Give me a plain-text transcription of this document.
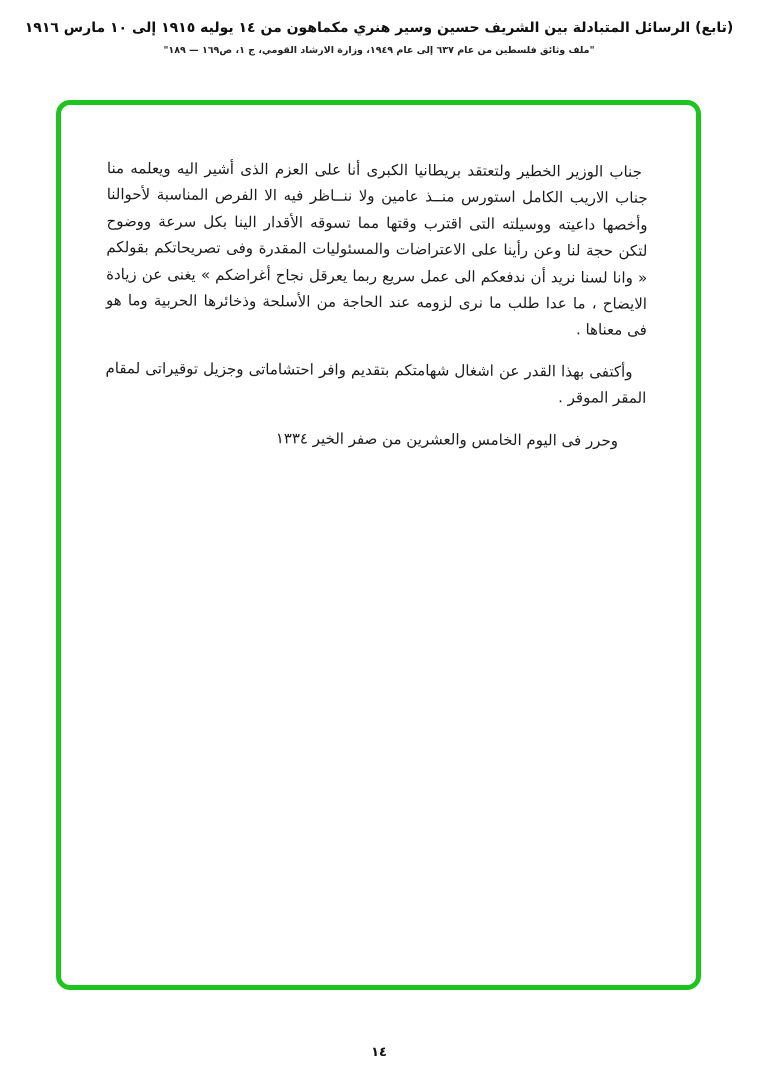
(تابع) الرسائل المتبادلة بين الشريف حسين وسير هنري مكماهون من ١٤ يوليه ١٩١٥ إلى ١٠ مارس ١٩١٦
"ملف وثائق فلسطين من عام ٦٣٧ إلى عام ١٩٤٩، وزارة الارشاد القومي، ج ١، ص١٦٩ — ١٨٩"

جناب الوزير الخطير ولتعتقد بريطانيا الكبرى أنا على العزم الذى أشير اليه ويعلمه منا جناب الاريب الكامل استورس منــذ عامين ولا ننــاظر فيه الا الفرص المناسبة لأحوالنا وأخصها داعيته ووسيلته التى اقترب وقتها مما تسوقه الأقدار الينا بكل سرعة ووضوح لتكن حجة لنا وعن رأينا على الاعتراضات والمسئوليات المقدرة وفى تصريحاتكم بقولكم « وانا لسنا نريد أن ندفعكم الى عمل سريع ربما يعرقل نجاح أغراضكم » يغنى عن زيادة الايضاح ، ما عدا طلب ما نرى لزومه عند الحاجة من الأسلحة وذخائرها الحربية وما هو فى معناها .

وأكتفى بهذا القدر عن اشغال شهامتكم بتقديم وافر احتشاماتى وجزيل توقيراتى لمقام المقر الموقر .

وحرر فى اليوم الخامس والعشرين من صفر الخير ١٣٣٤

١٤
